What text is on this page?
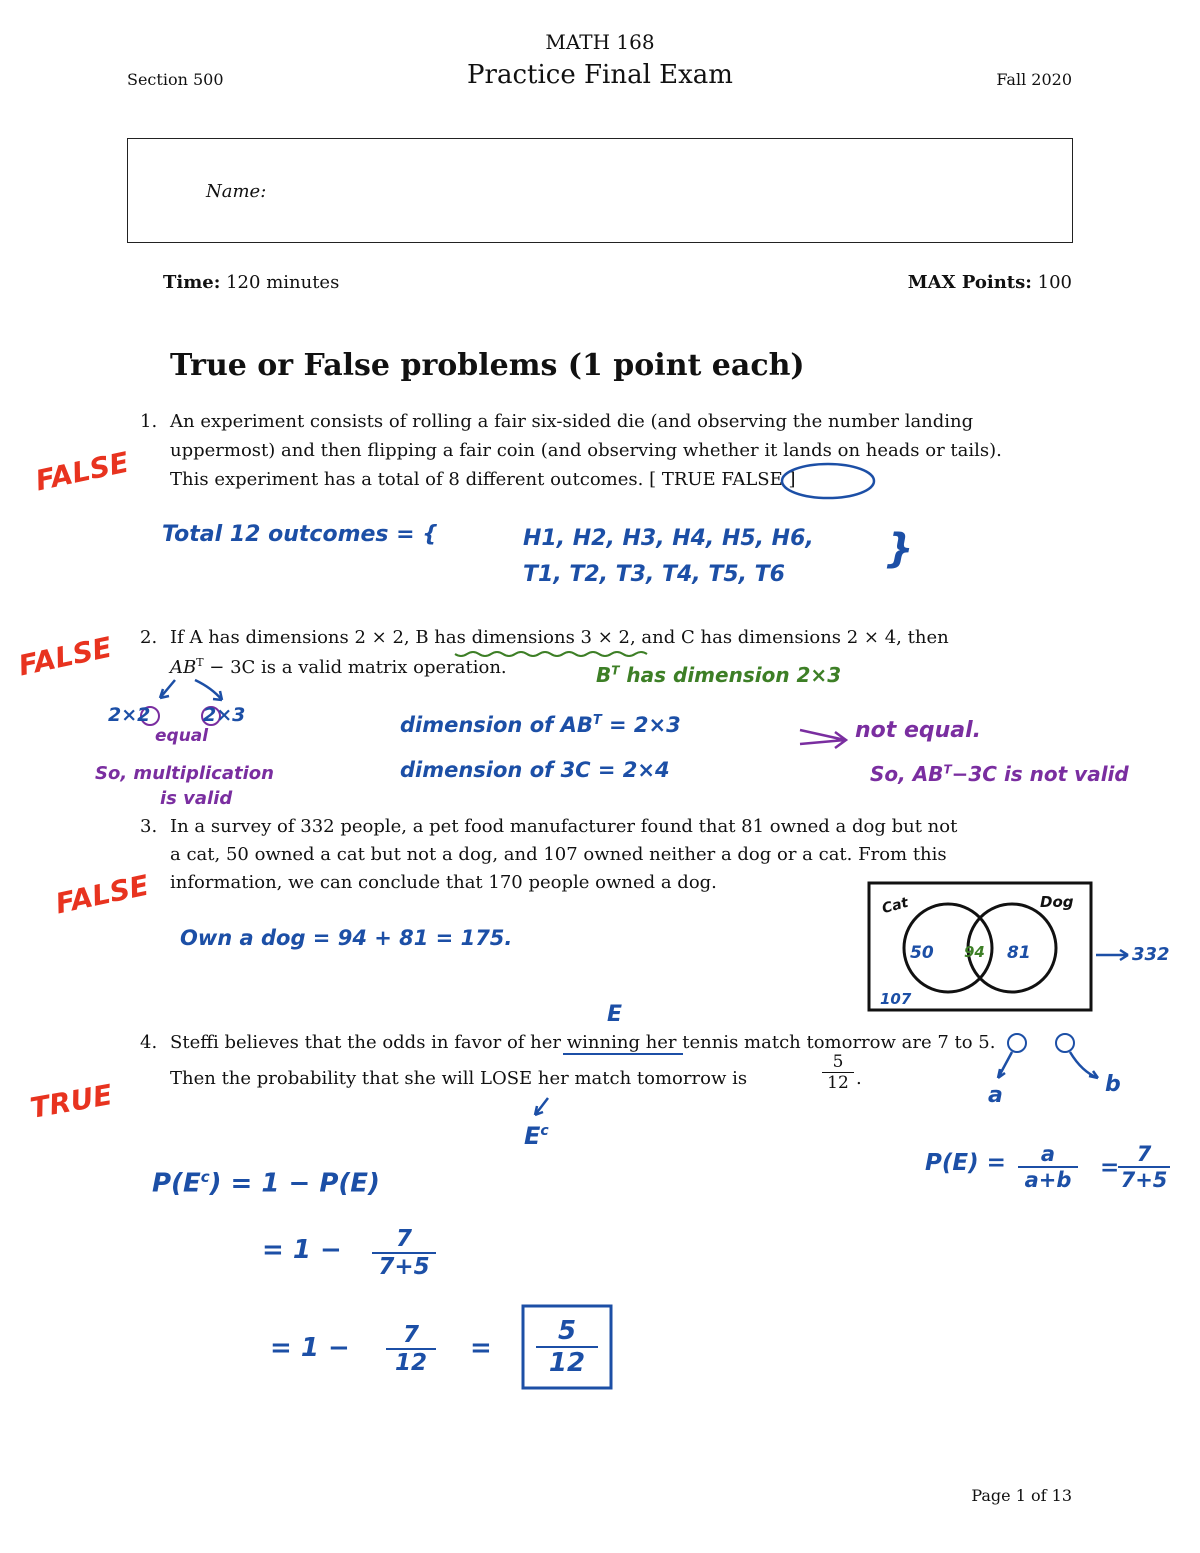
MATH 168
Practice Final Exam
Section 500	Fall 2020
Name:
Time: 120 minutes	MAX Points: 100
True or False problems (1 point each)
1. An experiment consists of rolling a fair six-sided die (and observing the number landing
uppermost) and then flipping a fair coin (and observing whether it lands on heads or tails).
This experiment has a total of 8 different outcomes. [ TRUE FALSE ]
2. If A has dimensions 2 × 2, B has dimensions 3 × 2, and C has dimensions 2 × 4, then
$AB^T - 3C$ is a valid matrix operation.
3. In a survey of 332 people, a pet food manufacturer found that 81 owned a dog but not
a cat, 50 owned a cat but not a dog, and 107 owned neither a dog or a cat. From this
information, we can conclude that 170 people owned a dog.
4. Steffi believes that the odds in favor of her winning her tennis match tomorrow are 7 to 5.
Then the probability that she will LOSE her match tomorrow is	$\frac{5}{12}$ .
FALSE
Total 12 outcomes = {	H1, H2, H3, H4, H5, H6,
T1, T2, T3, T4, T5, T6
}
FALSE	$B^T$ has dimension 2×3
2×2	2×3
equal
So, multiplication
is valid
dimension of $AB^T = 2\times 3$
dimension of 3C = 2×4
not equal.
So, $AB^T-3C$ is not valid
FALSE
Own a dog = 94 + 81 = 175.
Cat	Dog
50 94 81
107
332
TRUE
E
$E^c$
a	b
$P(E) = \frac{a}{a+b}$ =
$\frac{7}{7+5}$
$P(E^c) = 1 - P(E)$
= $1 - \frac{7}{7+5}$
= $1 - \frac{7}{12} = \frac{5}{12}$
Page 1 of 13
